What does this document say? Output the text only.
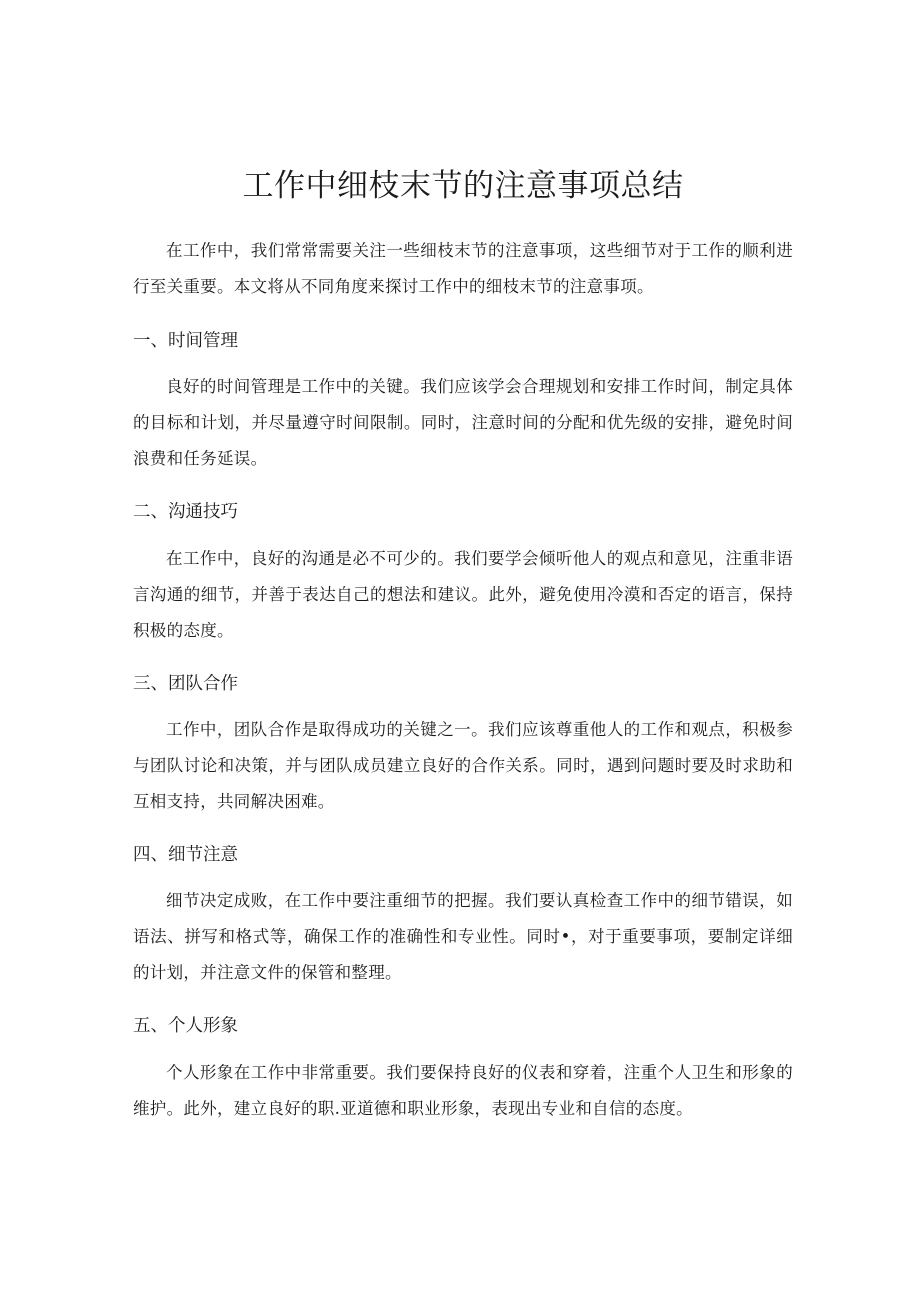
工作中细枝末节的注意事项总结

在工作中，我们常常需要关注一些细枝末节的注意事项，这些细节对于工作的顺利进行至关重要。本文将从不同角度来探讨工作中的细枝末节的注意事项。

一、时间管理

良好的时间管理是工作中的关键。我们应该学会合理规划和安排工作时间，制定具体的目标和计划，并尽量遵守时间限制。同时，注意时间的分配和优先级的安排，避免时间浪费和任务延误。

二、沟通技巧

在工作中，良好的沟通是必不可少的。我们要学会倾听他人的观点和意见，注重非语言沟通的细节，并善于表达自己的想法和建议。此外，避免使用冷漠和否定的语言，保持积极的态度。

三、团队合作

工作中，团队合作是取得成功的关键之一。我们应该尊重他人的工作和观点，积极参与团队讨论和决策，并与团队成员建立良好的合作关系。同时，遇到问题时要及时求助和互相支持，共同解决困难。

四、细节注意

细节决定成败，在工作中要注重细节的把握。我们要认真检查工作中的细节错误，如语法、拼写和格式等，确保工作的准确性和专业性。同时•，对于重要事项，要制定详细的计划，并注意文件的保管和整理。

五、个人形象

个人形象在工作中非常重要。我们要保持良好的仪表和穿着，注重个人卫生和形象的维护。此外，建立良好的职.亚道德和职业形象，表现出专业和自信的态度。
